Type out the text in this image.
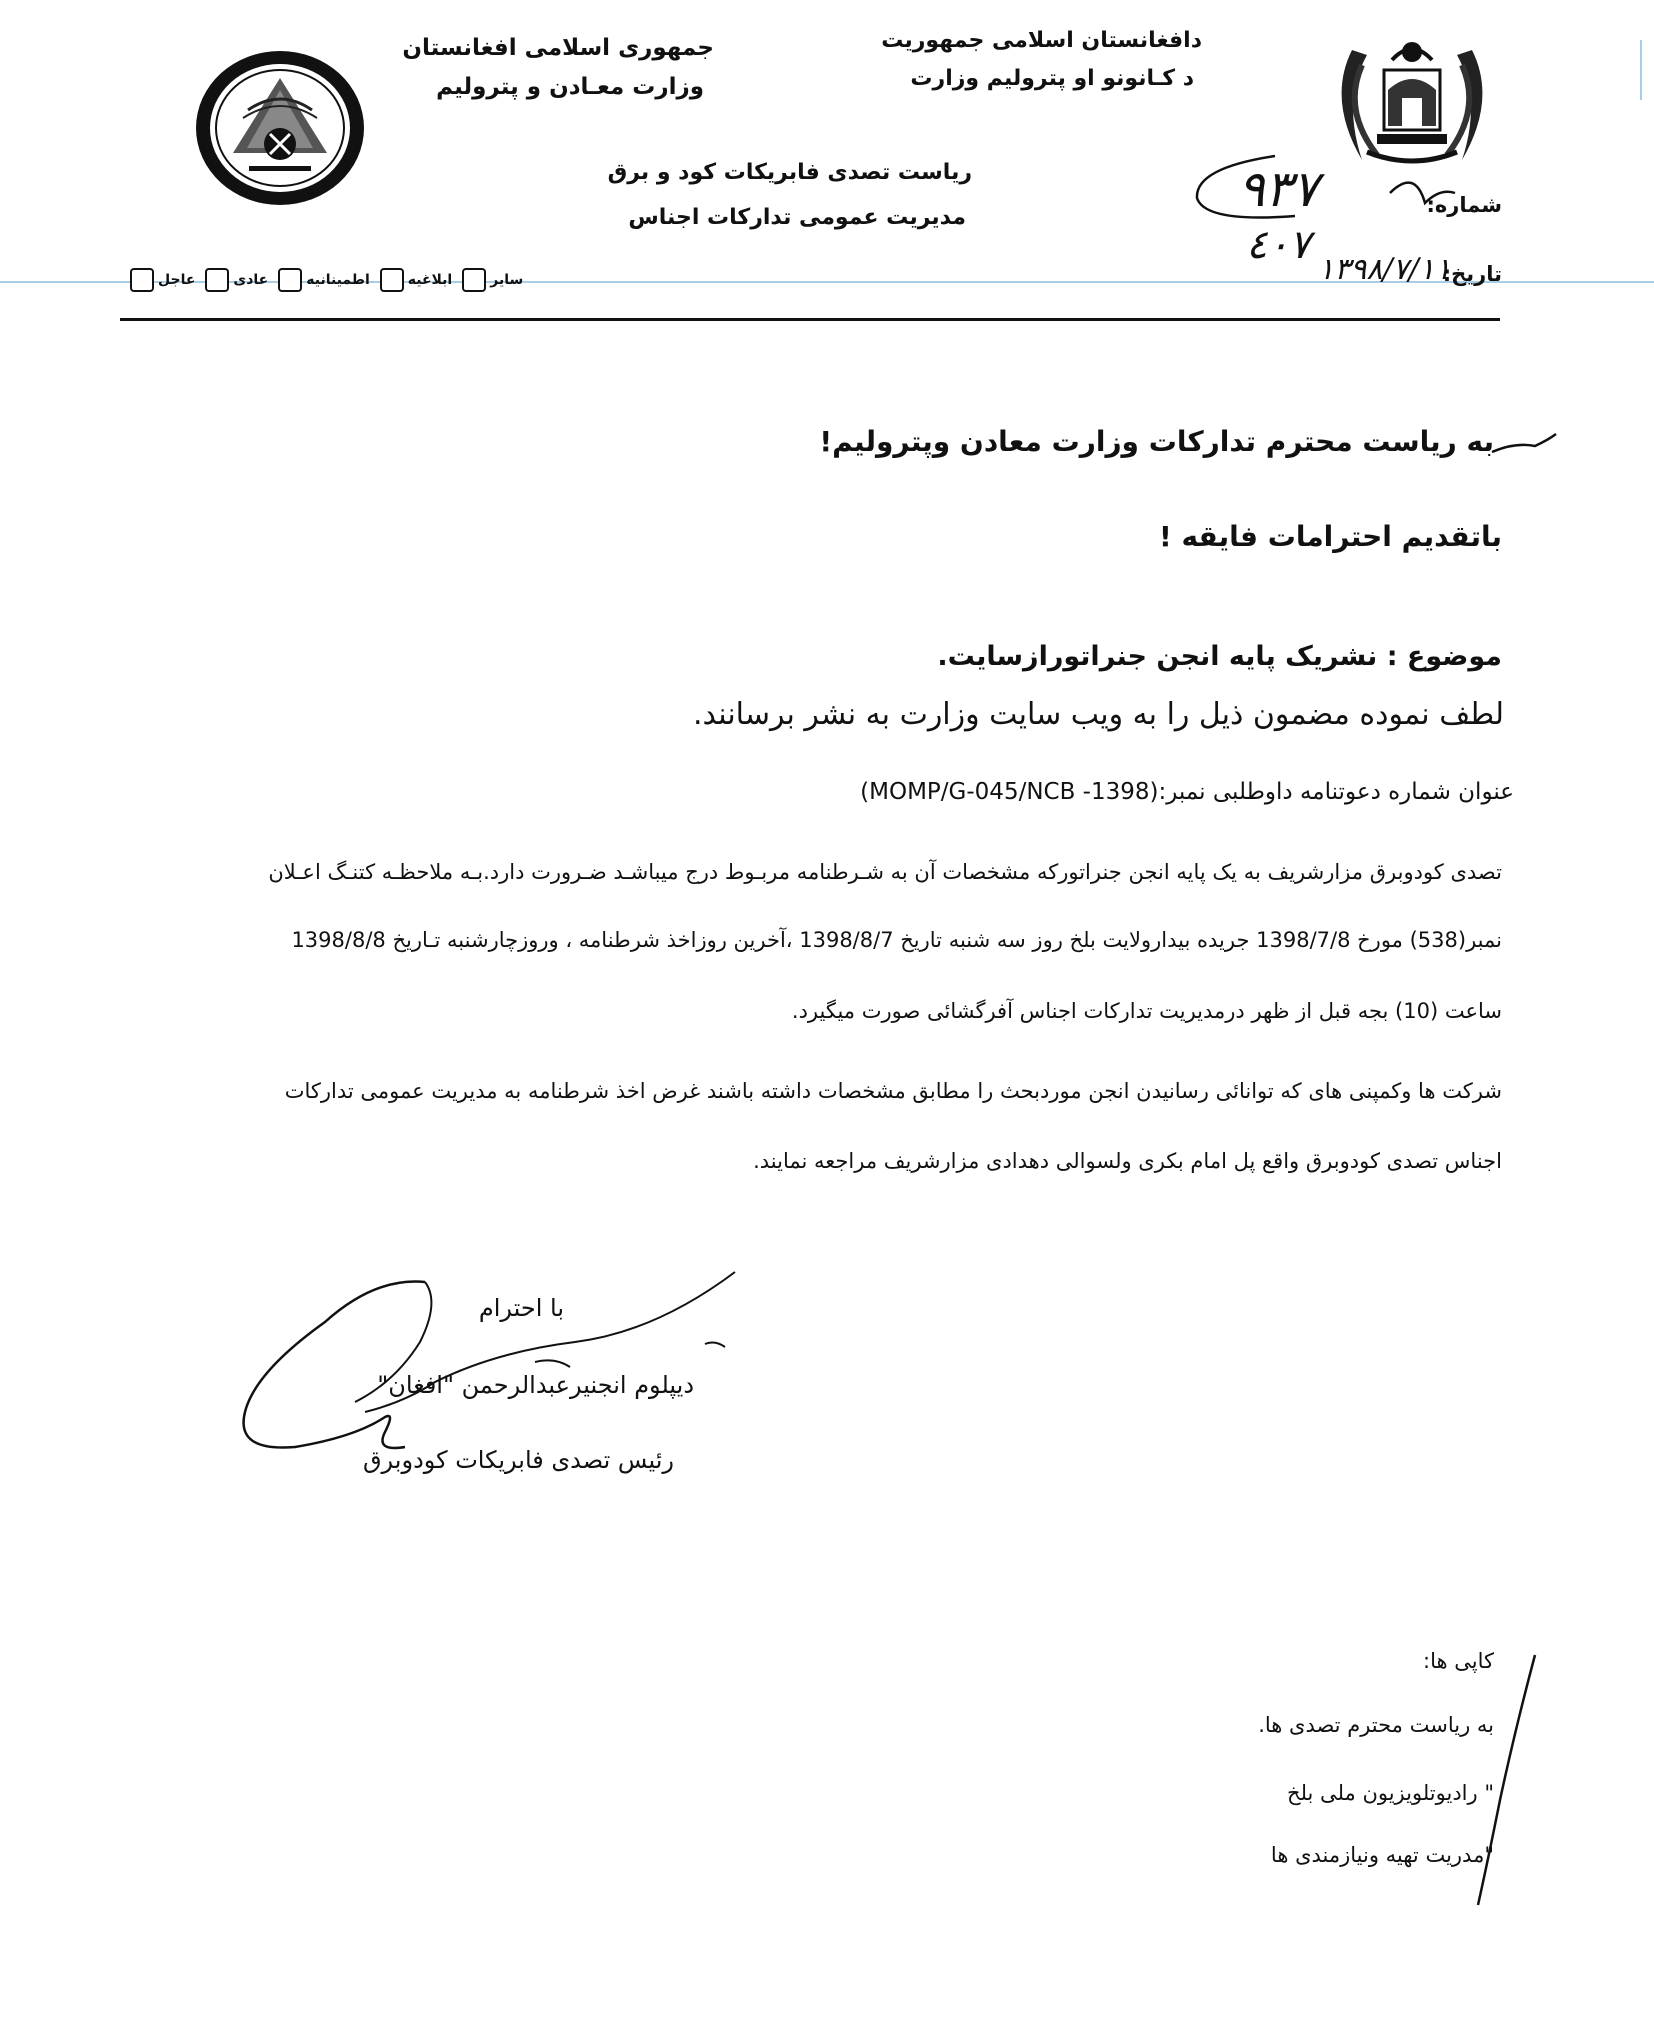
جمهوری اسلامی افغانستان
وزارت معـادن و پترولیم
دافغانستان اسلامی جمهوریت
د کـانونو او پترولیم وزارت
ریاست تصدی فابریکات کود و برق
مدیریت عمومی تدارکات اجناس	شماره:
٩٣٧
٤٠٧
تاریخ:
١٣٩٨/٧/١١
عاجل	عادی	اطمینانیه	ابلاغیه	سایر
به ریاست محترم تدارکات وزارت معادن وپترولیم!
باتقدیم احترامات فایقه !
موضوع : نشریک پایه انجن جنراتورازسایت.
لطف نموده مضمون ذیل را به ویب سایت وزارت به نشر برسانند.
عنوان شماره دعوتنامه داوطلبی نمبر:(MOMP/G-045/NCB -1398)
تصدی کودوبرق مزارشریف به یک پایه انجن جنراتورکه مشخصات آن به شـرطنامه مربـوط درج میباشـد ضـرورت دارد.بـه ملاحظـه کتنـگ اعـلان
نمبر(538) مورخ 1398/7/8 جریده بیدارولایت بلخ روز سه شنبه تاریخ 1398/8/7 ،آخرین روزاخذ شرطنامه ، وروزچارشنبه تـاریخ 1398/8/8
ساعت (10) بجه قبل از ظهر درمدیریت تدارکات اجناس آفرگشائی صورت میگیرد.
شرکت ها وکمپنی های که توانائی رسانیدن انجن موردبحث را مطابق مشخصات داشته باشند غرض اخذ شرطنامه به مدیریت عمومی تدارکات
اجناس تصدی کودوبرق واقع پل امام بکری ولسوالی دهدادی مزارشریف مراجعه نمایند.
با احترام
دیپلوم انجنیرعبدالرحمن "افغان"
رئیس تصدی فابریکات کودوبرق
کاپی ها:
به ریاست محترم تصدی ها.
" رادیوتلویزیون ملی بلخ
"مدریت تهیه ونیازمندی ها
